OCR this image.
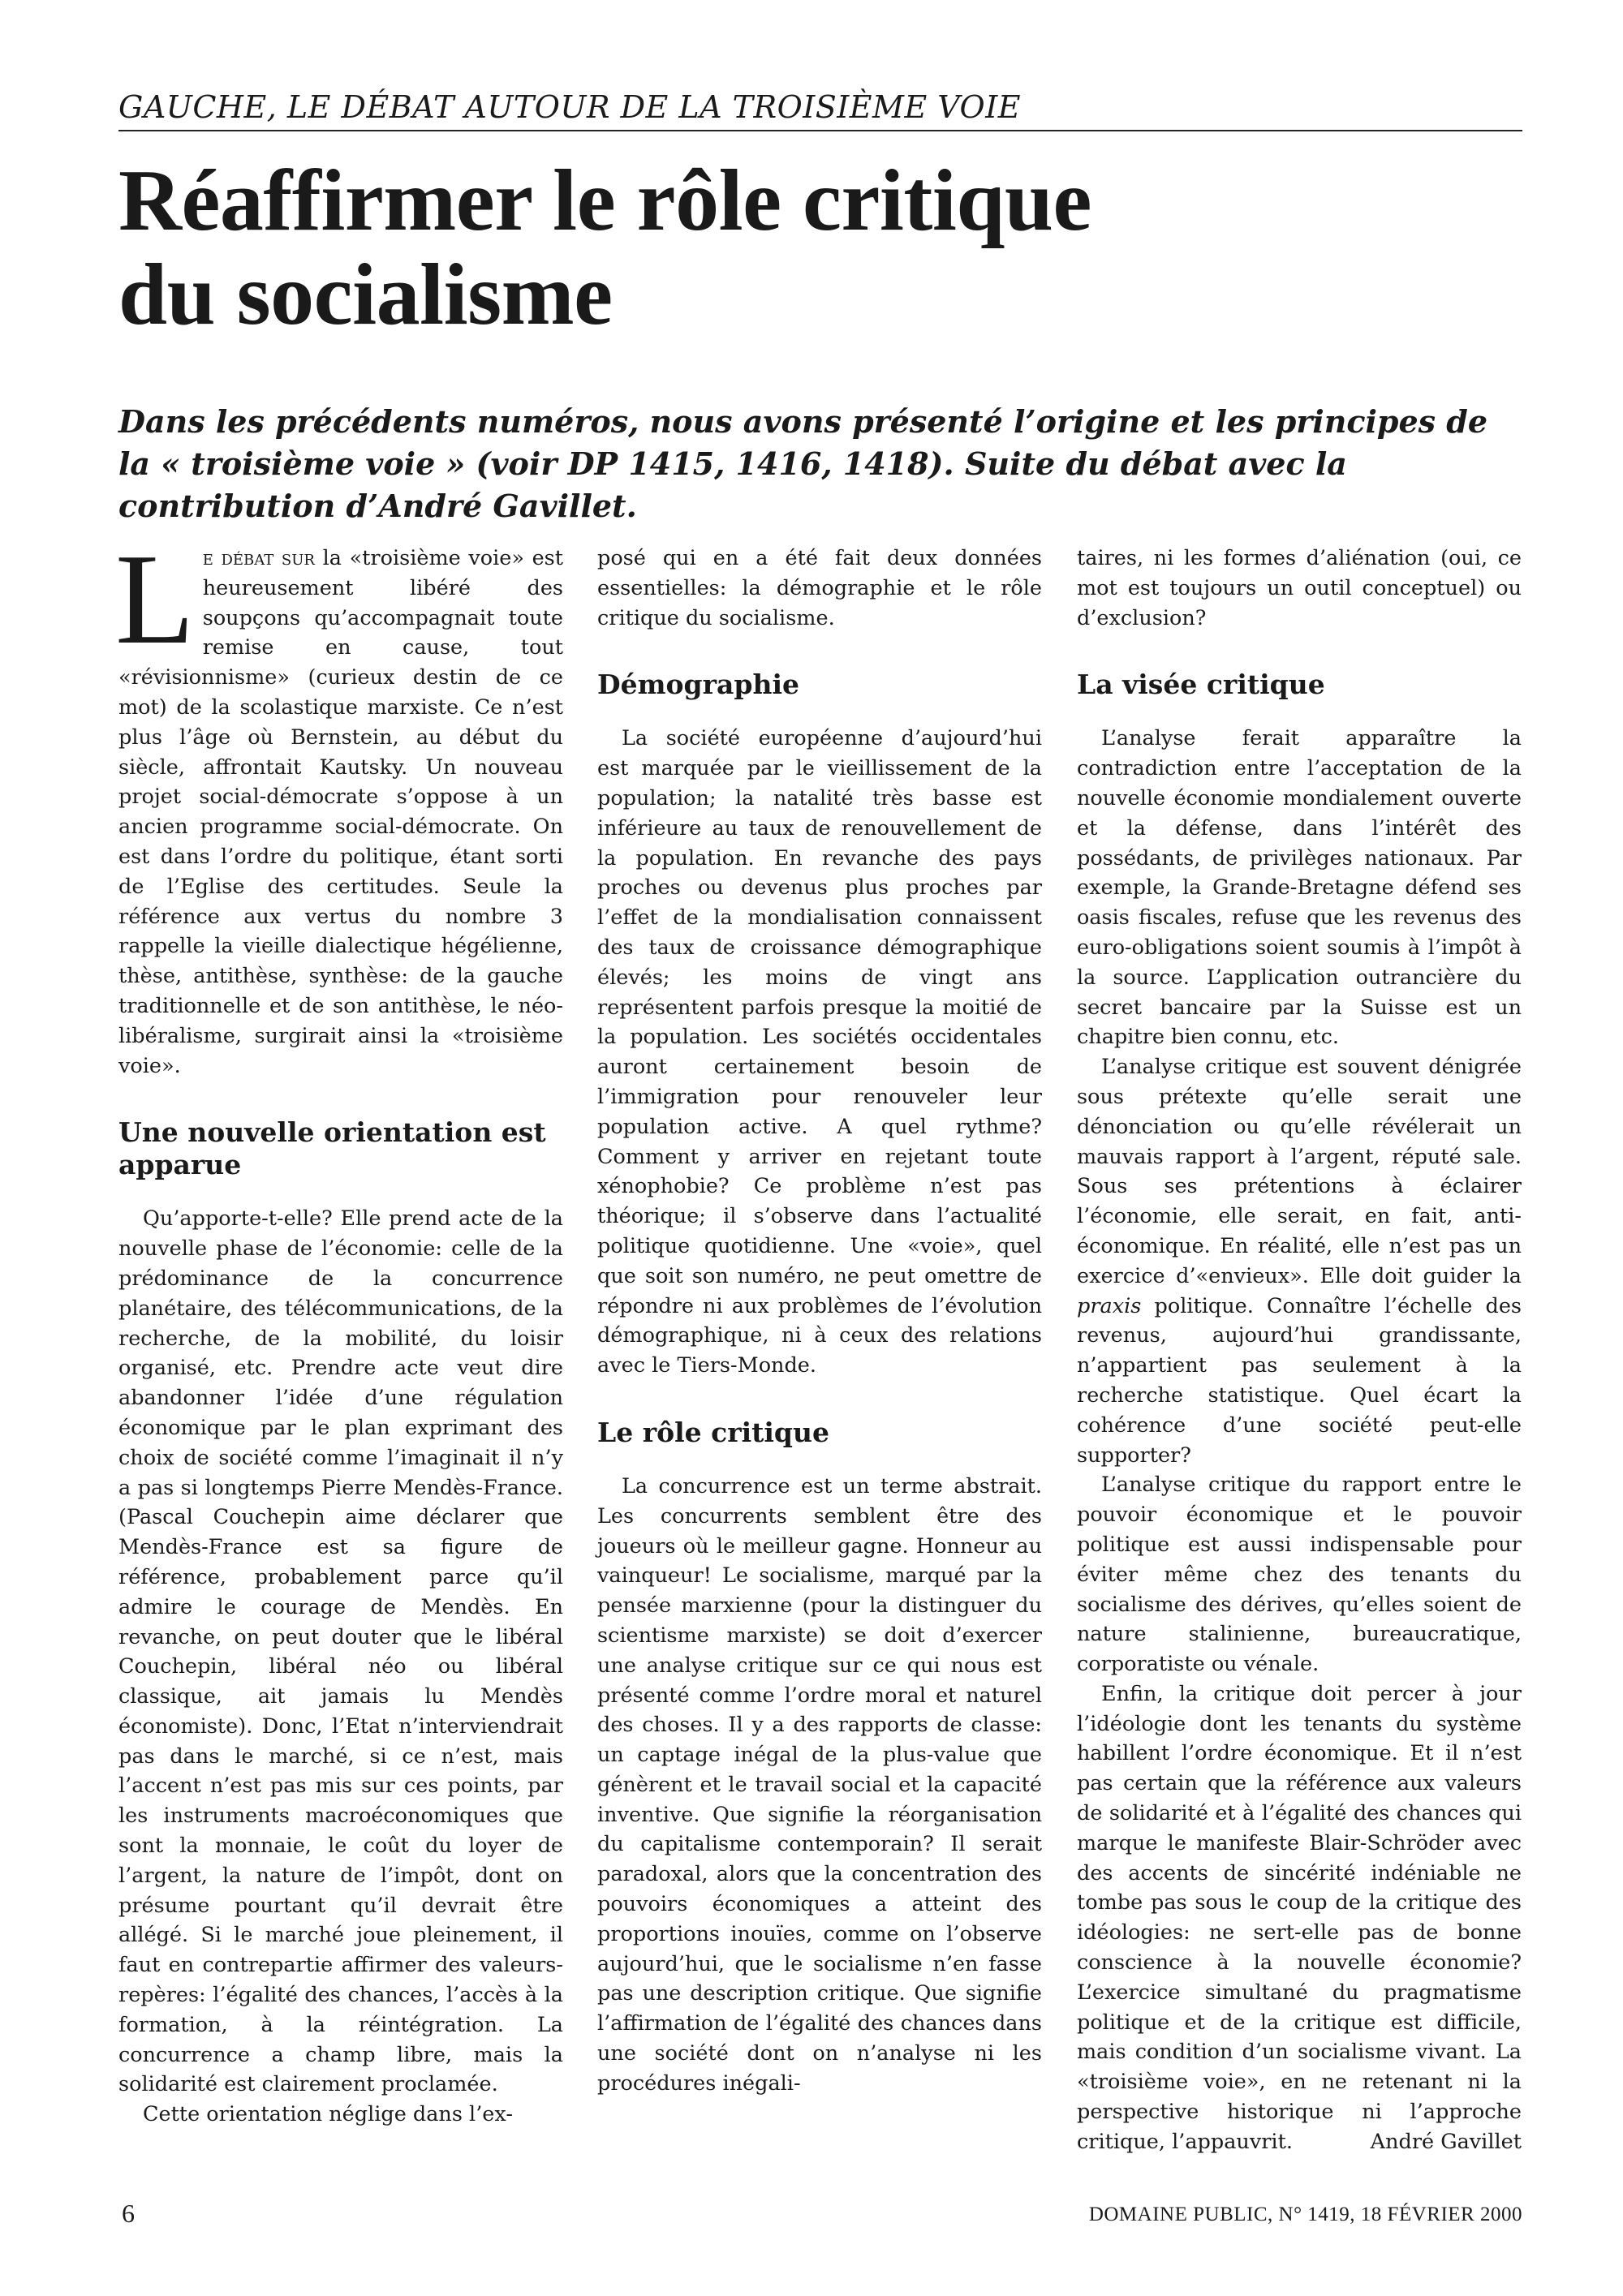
GAUCHE, LE DÉBAT AUTOUR DE LA TROISIÈME VOIE
Réaffirmer le rôle critique
du socialisme
Dans les précédents numéros, nous avons présenté l’origine et les principes de
la « troisième voie » (voir DP 1415, 1416, 1418). Suite du débat avec la
contribution d’André Gavillet.

Le débat sur la «troisième voie» est heureusement libéré des soupçons qu’accompagnait toute remise en cause, tout «révisionnisme» (curieux destin de ce mot) de la scolastique marxiste. Ce n’est plus l’âge où Bernstein, au début du siècle, affrontait Kautsky. Un nouveau projet social-démocrate s’oppose à un ancien programme social-démocrate. On est dans l’ordre du politique, étant sorti de l’Eglise des certitudes. Seule la référence aux vertus du nombre 3 rappelle la vieille dialectique hégélienne, thèse, antithèse, synthèse: de la gauche traditionnelle et de son antithèse, le néo-libéralisme, surgirait ainsi la «troisième voie».

Une nouvelle orientation est apparue

Qu’apporte-t-elle? Elle prend acte de la nouvelle phase de l’économie: celle de la prédominance de la concurrence planétaire, des télécommunications, de la recherche, de la mobilité, du loisir organisé, etc. Prendre acte veut dire abandonner l’idée d’une régulation économique par le plan exprimant des choix de société comme l’imaginait il n’y a pas si longtemps Pierre Mendès-France. (Pascal Couchepin aime déclarer que Mendès-France est sa figure de référence, probablement parce qu’il admire le courage de Mendès. En revanche, on peut douter que le libéral Couchepin, libéral néo ou libéral classique, ait jamais lu Mendès économiste). Donc, l’Etat n’interviendrait pas dans le marché, si ce n’est, mais l’accent n’est pas mis sur ces points, par les instruments macroéconomiques que sont la monnaie, le coût du loyer de l’argent, la nature de l’impôt, dont on présume pourtant qu’il devrait être allégé. Si le marché joue pleinement, il faut en contrepartie affirmer des valeurs-repères: l’égalité des chances, l’accès à la formation, à la réintégration. La concurrence a champ libre, mais la solidarité est clairement proclamée.

Cette orientation néglige dans l’ex-

posé qui en a été fait deux données essentielles: la démographie et le rôle critique du socialisme.

Démographie

La société européenne d’aujourd’hui est marquée par le vieillissement de la population; la natalité très basse est inférieure au taux de renouvellement de la population. En revanche des pays proches ou devenus plus proches par l’effet de la mondialisation connaissent des taux de croissance démographique élevés; les moins de vingt ans représentent parfois presque la moitié de la population. Les sociétés occidentales auront certainement besoin de l’immigration pour renouveler leur population active. A quel rythme? Comment y arriver en rejetant toute xénophobie? Ce problème n’est pas théorique; il s’observe dans l’actualité politique quotidienne. Une «voie», quel que soit son numéro, ne peut omettre de répondre ni aux problèmes de l’évolution démographique, ni à ceux des relations avec le Tiers-Monde.

Le rôle critique

La concurrence est un terme abstrait. Les concurrents semblent être des joueurs où le meilleur gagne. Honneur au vainqueur! Le socialisme, marqué par la pensée marxienne (pour la distinguer du scientisme marxiste) se doit d’exercer une analyse critique sur ce qui nous est présenté comme l’ordre moral et naturel des choses. Il y a des rapports de classe: un captage inégal de la plus-value que génèrent et le travail social et la capacité inventive. Que signifie la réorganisation du capitalisme contemporain? Il serait paradoxal, alors que la concentration des pouvoirs économiques a atteint des proportions inouïes, comme on l’observe aujourd’hui, que le socialisme n’en fasse pas une description critique. Que signifie l’affirmation de l’égalité des chances dans une société dont on n’analyse ni les procédures inégali-

taires, ni les formes d’aliénation (oui, ce mot est toujours un outil conceptuel) ou d’exclusion?

La visée critique

L’analyse ferait apparaître la contradiction entre l’acceptation de la nouvelle économie mondialement ouverte et la défense, dans l’intérêt des possédants, de privilèges nationaux. Par exemple, la Grande-Bretagne défend ses oasis fiscales, refuse que les revenus des euro-obligations soient soumis à l’impôt à la source. L’application outrancière du secret bancaire par la Suisse est un chapitre bien connu, etc.

L’analyse critique est souvent dénigrée sous prétexte qu’elle serait une dénonciation ou qu’elle révélerait un mauvais rapport à l’argent, réputé sale. Sous ses prétentions à éclairer l’économie, elle serait, en fait, anti-économique. En réalité, elle n’est pas un exercice d’«envieux». Elle doit guider la praxis politique. Connaître l’échelle des revenus, aujourd’hui grandissante, n’appartient pas seulement à la recherche statistique. Quel écart la cohérence d’une société peut-elle supporter?

L’analyse critique du rapport entre le pouvoir économique et le pouvoir politique est aussi indispensable pour éviter même chez des tenants du socialisme des dérives, qu’elles soient de nature stalinienne, bureaucratique, corporatiste ou vénale.

Enfin, la critique doit percer à jour l’idéologie dont les tenants du système habillent l’ordre économique. Et il n’est pas certain que la référence aux valeurs de solidarité et à l’égalité des chances qui marque le manifeste Blair-Schröder avec des accents de sincérité indéniable ne tombe pas sous le coup de la critique des idéologies: ne sert-elle pas de bonne conscience à la nouvelle économie? L’exercice simultané du pragmatisme politique et de la critique est difficile, mais condition d’un socialisme vivant. La «troisième voie», en ne retenant ni la perspective historique ni l’approche critique, l’appauvrit.	André Gavillet

6	DOMAINE PUBLIC, N° 1419, 18 FÉVRIER 2000
